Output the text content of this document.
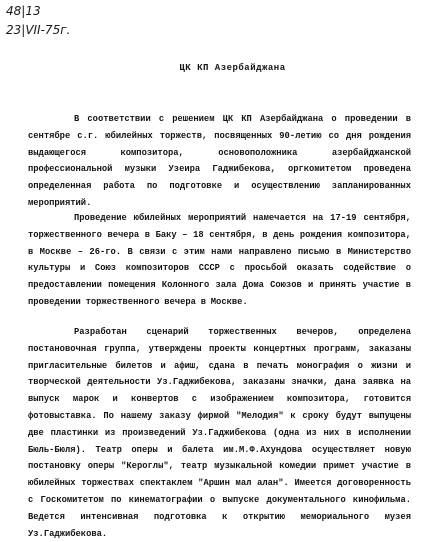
48|13
23|VII-75г.
ЦК КП Азербайджана

В соответствии с решением ЦК КП Азербайджана о проведении в сентябре с.г. юбилейных торжеств, посвященных 90-летию со дня рождения выдающегося композитора, основоположника азербайджанской профессиональной музыки Узеира Гаджибекова, оргкомитетом проведена определенная работа по подготовке и осуществлению запланированных мероприятий.

Проведение юбилейных мероприятий намечается на 17-19 сентября, торжественного вечера в Баку – 18 сентября, в день рождения композитора, в Москве – 26-го. В связи с этим нами направлено письмо в Министерство культуры и Союз композиторов СССР с просьбой оказать содействие о предоставлении помещения Колонного зала Дома Союзов и принять участие в проведении торжественного вечера в Москве.

Разработан сценарий торжественных вечеров, определена постановочная группа, утверждены проекты концертных программ, заказаны пригласительные билетов и афиш, сдана в печать монография о жизни и творческой деятельности Уз.Гаджибекова, заказаны значки, дана заявка на выпуск марок и конвертов с изображением композитора, готовится фотовыставка. По нашему заказу фирмой "Мелодия" к сроку будут выпущены две пластинки из произведений Уз.Гаджибекова (одна из них в исполнении Бюль-Бюля). Театр оперы и балета им.М.Ф.Ахундова осуществляет новую постановку оперы "Кероглы", театр музыкальной комедии примет участие в юбилейных торжествах спектаклем "Аршин мал алан". Имеется договоренность с Госкомитетом по кинематографии о выпуске документального кинофильма. Ведется интенсивная подготовка к открытию мемориального музея Уз.Гаджибекова.
